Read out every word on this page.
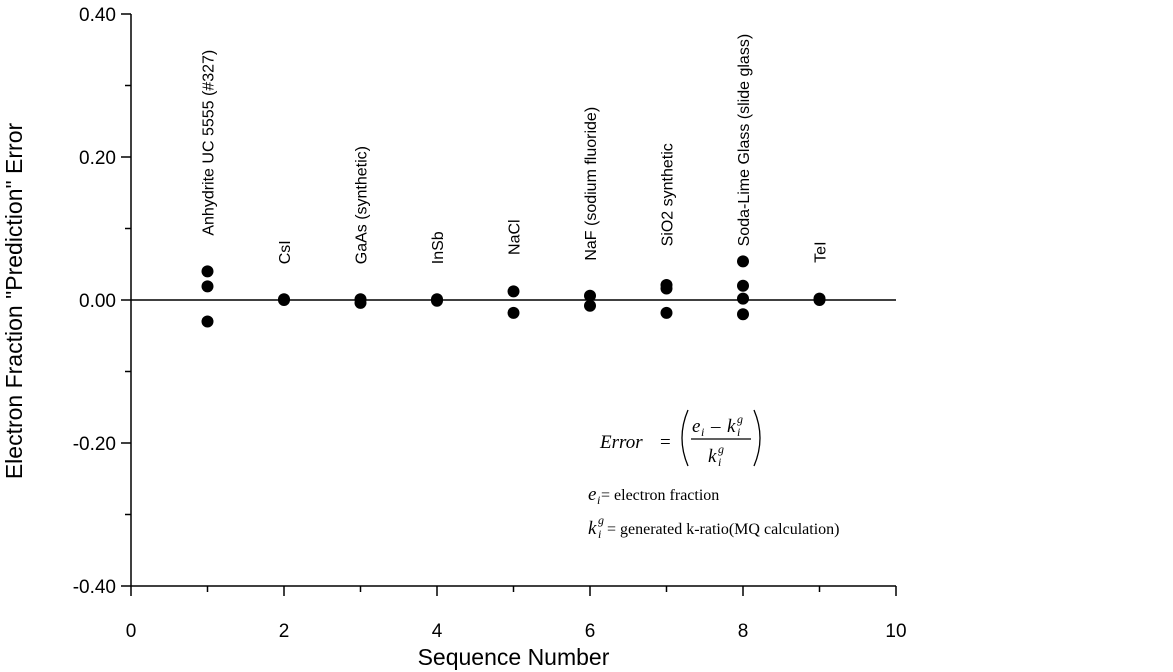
0.40
0.20
0.00
-0.20
-0.40
0	2	4	6	8	10
Anhydrite UC 5555 (#327)
CsI	GaAs (synthetic)	InSb	NaCl	NaF (sodium fluoride)	SiO2 synthetic	Soda-Lime Glass (slide glass)
TeI
Sequence Number
Electron Fraction "Prediction" Error	Error =
e i – k g
i
k g
i
e i = electron fraction
k g
i = generated k-ratio(MQ calculation)
